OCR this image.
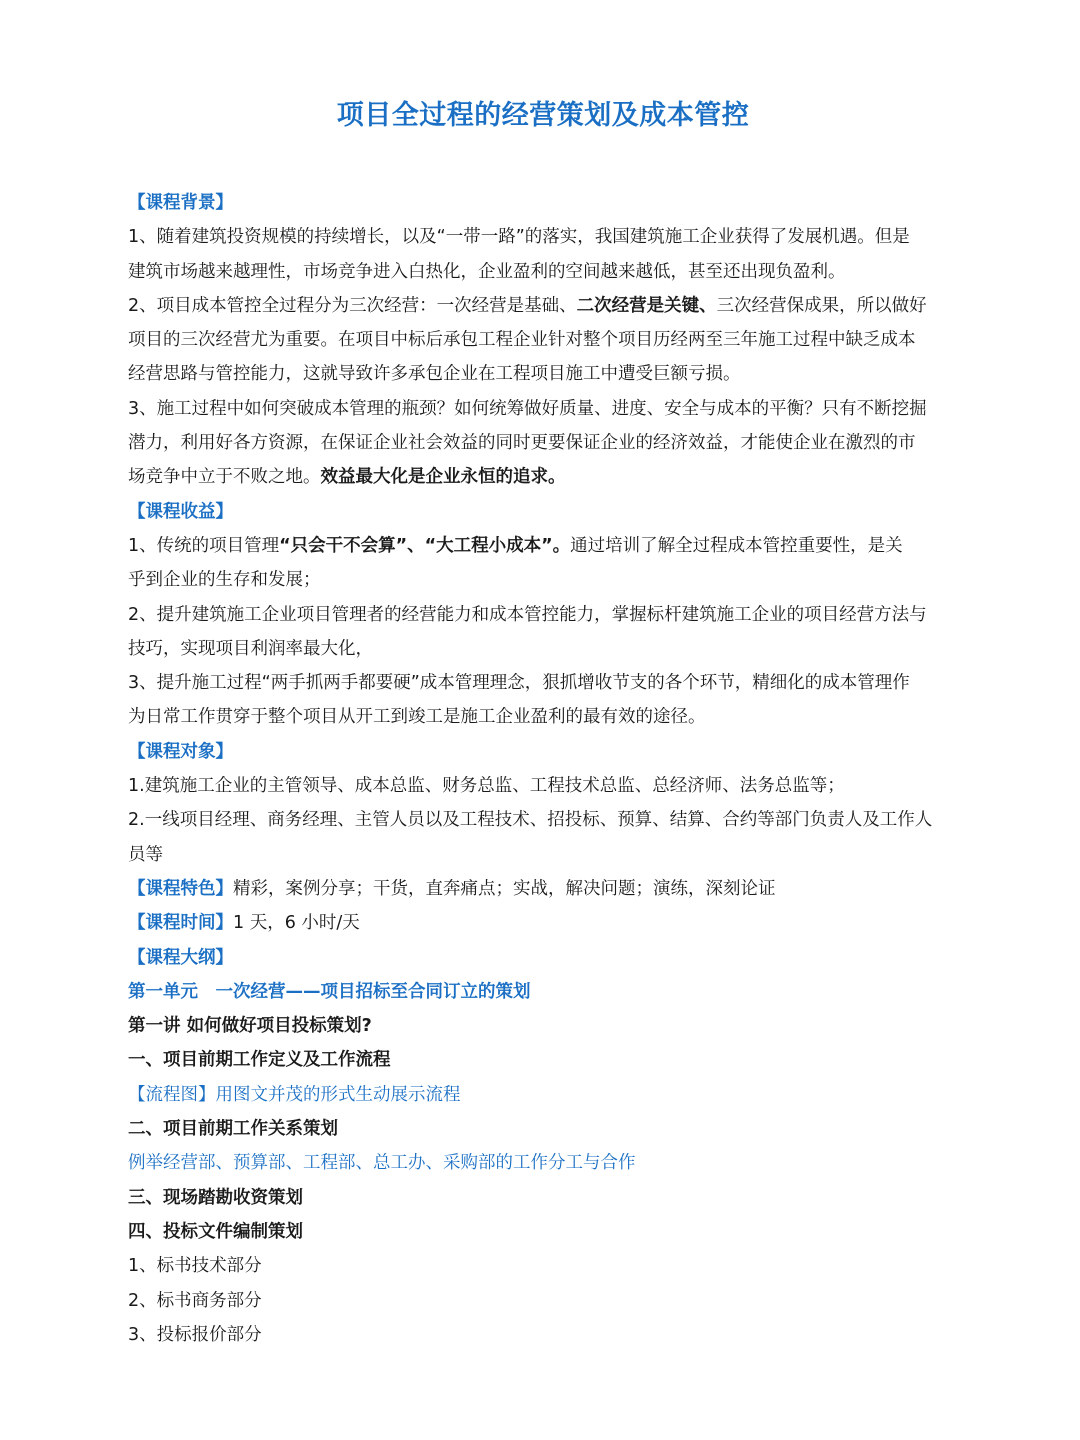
项目全过程的经营策划及成本管控

【课程背景】

1、随着建筑投资规模的持续增长，以及“一带一路”的落实，我国建筑施工企业获得了发展机遇。但是

建筑市场越来越理性，市场竞争进入白热化，企业盈利的空间越来越低，甚至还出现负盈利。

2、项目成本管控全过程分为三次经营：一次经营是基础、二次经营是关键、三次经营保成果，所以做好

项目的三次经营尤为重要。在项目中标后承包工程企业针对整个项目历经两至三年施工过程中缺乏成本

经营思路与管控能力，这就导致许多承包企业在工程项目施工中遭受巨额亏损。

3、施工过程中如何突破成本管理的瓶颈？如何统筹做好质量、进度、安全与成本的平衡？只有不断挖掘

潜力，利用好各方资源，在保证企业社会效益的同时更要保证企业的经济效益，才能使企业在激烈的市

场竞争中立于不败之地。效益最大化是企业永恒的追求。

【课程收益】

1、传统的项目管理“只会干不会算”、“大工程小成本”。通过培训了解全过程成本管控重要性，是关

乎到企业的生存和发展；

2、提升建筑施工企业项目管理者的经营能力和成本管控能力，掌握标杆建筑施工企业的项目经营方法与

技巧，实现项目利润率最大化，

3、提升施工过程“两手抓两手都要硬”成本管理理念，狠抓增收节支的各个环节，精细化的成本管理作

为日常工作贯穿于整个项目从开工到竣工是施工企业盈利的最有效的途径。

【课程对象】

1.建筑施工企业的主管领导、成本总监、财务总监、工程技术总监、总经济师、法务总监等；

2.一线项目经理、商务经理、主管人员以及工程技术、招投标、预算、结算、合约等部门负责人及工作人

员等

【课程特色】精彩，案例分享；干货，直奔痛点；实战，解决问题；演练，深刻论证

【课程时间】1 天，6 小时/天

【课程大纲】

第一单元　一次经营——项目招标至合同订立的策划

第一讲 如何做好项目投标策划?

一、项目前期工作定义及工作流程

【流程图】用图文并茂的形式生动展示流程

二、项目前期工作关系策划

例举经营部、预算部、工程部、总工办、采购部的工作分工与合作

三、现场踏勘收资策划

四、投标文件编制策划

1、标书技术部分

2、标书商务部分

3、投标报价部分
